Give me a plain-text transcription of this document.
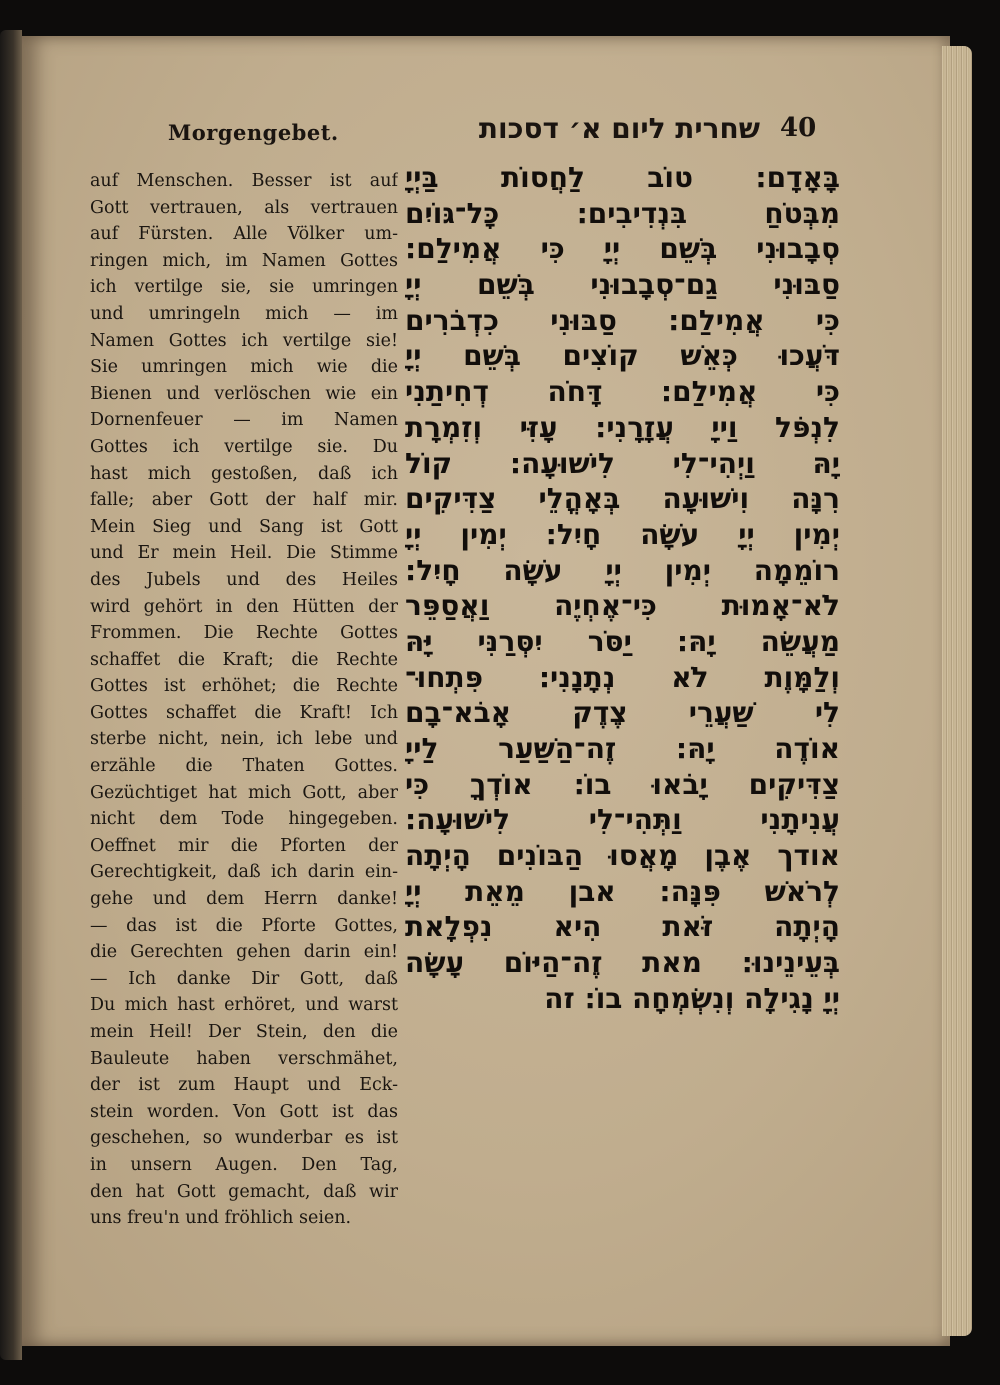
Morgengebet.	שחרית ליום א׳ דסכות 40
auf Menschen. Besser ist auf
Gott vertrauen, als vertrauen
auf Fürsten. Alle Völker um-
ringen mich, im Namen Gottes
ich vertilge sie, sie umringen
und umringeln mich — im
Namen Gottes ich vertilge sie!
Sie umringen mich wie die
Bienen und verlöschen wie ein
Dornenfeuer — im Namen
Gottes ich vertilge sie. Du
hast mich gestoßen, daß ich
falle; aber Gott der half mir.
Mein Sieg und Sang ist Gott
und Er mein Heil. Die Stimme
des Jubels und des Heiles
wird gehört in den Hütten der
Frommen. Die Rechte Gottes
schaffet die Kraft; die Rechte
Gottes ist erhöhet; die Rechte
Gottes schaffet die Kraft! Ich
sterbe nicht, nein, ich lebe und
erzähle die Thaten Gottes.
Gezüchtiget hat mich Gott, aber
nicht dem Tode hingegeben.
Oeffnet mir die Pforten der
Gerechtigkeit, daß ich darin ein-
gehe und dem Herrn danke!
— das ist die Pforte Gottes,
die Gerechten gehen darin ein!
— Ich danke Dir Gott, daß
Du mich hast erhöret, und warst
mein Heil! Der Stein, den die
Bauleute haben verschmähet,
der ist zum Haupt und Eck-
stein worden. Von Gott ist das
geschehen, so wunderbar es ist
in unsern Augen. Den Tag,
den hat Gott gemacht, daß wir
uns freu'n und fröhlich seien.
בָּאָדָם: טוֹב לַחֲסוֹת בַּיְיָ
מִבְּטֹחַ בִּנְדִיבִים: כָּל־גּוֹיִם
סְבָבוּנִי בְּשֵׁם יְיָ כִּי אֲמִילַם:
סַבּוּנִי גַם־סְבָבוּנִי בְּשֵׁם יְיָ
כִּי אֲמִילַם: סַבּוּנִי כִדְבֹרִים
דֹּעֲכוּ כְּאֵשׁ קוֹצִים בְּשֵׁם יְיָ
כִּי אֲמִילַם: דָּחֹה דְחִיתַנִי
לִנְפֹּל וַייָ עֲזָרָנִי: עָזִּי וְזִמְרָת
יָהּ וַיְהִי־לִי לִישׁוּעָה: קוֹל
רִנָּה וִישׁוּעָה בְּאָהֳלֵי צַדִּיקִים
יְמִין יְיָ עֹשָׂה חָיִל: יְמִין יְיָ
רוֹמֵמָה יְמִין יְיָ עֹשָׂה חָיִל:
לֹא־אָמוּת כִּי־אֶחְיֶה וַאֲסַפֵּר
מַעֲשֵׂה יָהּ: יַסֹּר יִסְּרַנִּי יָּהּ
וְלַמָּוֶת לֹא נְתָנָנִי: פִּתְחוּ־
לִי שַׁעֲרֵי צֶדֶק אָבֹא־בָם
אוֹדֶה יָהּ: זֶה־הַשַּׁעַר לַייָ
צַדִּיקִים יָבֹאוּ בוֹ: אוֹדְךָ כִּי
עֲנִיתָנִי וַתְּהִי־לִי לִישׁוּעָה:
אודך אֶבֶן מָאֲסוּ הַבּוֹנִים הָיְתָה
לְרֹאשׁ פִּנָּה: אבן מֵאֵת יְיָ
הָיְתָה זֹּאת הִיא נִפְלָאת
בְּעֵינֵינוּ: מאת זֶה־הַיּוֹם עָשָׂה
יְיָ נָגִילָה וְנִשְׂמְחָה בוֹ: זה
